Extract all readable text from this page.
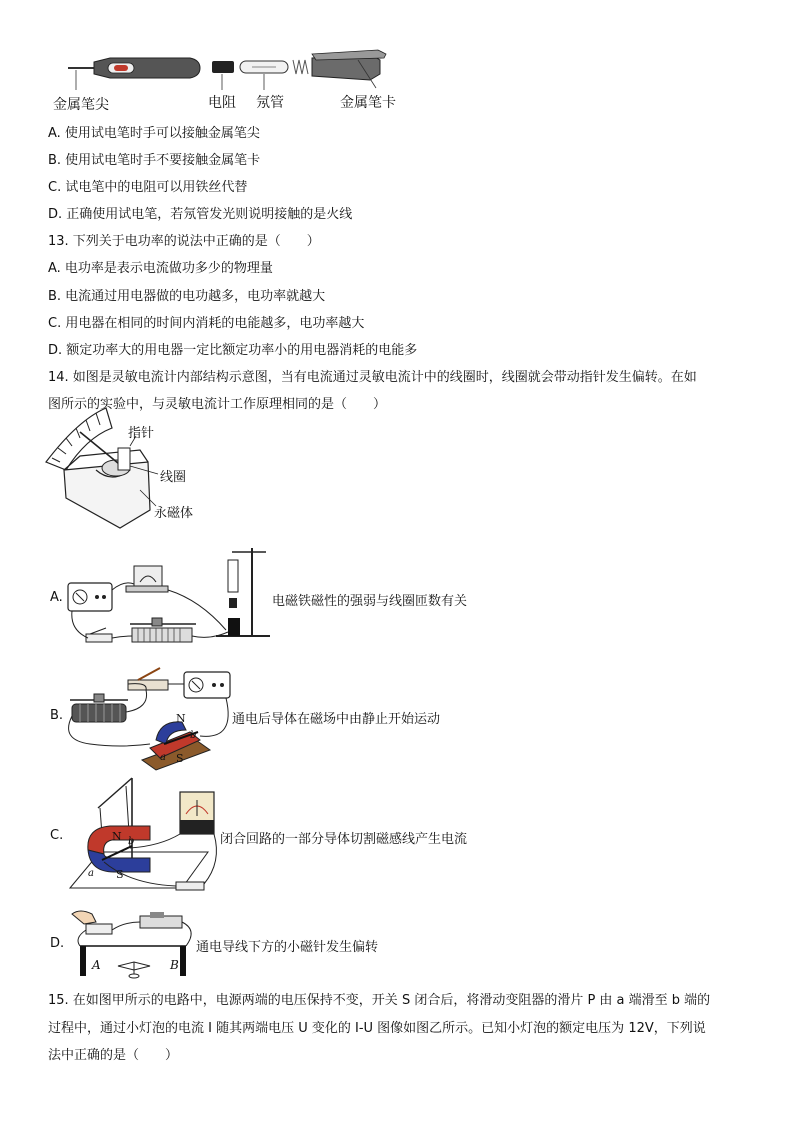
金属笔尖	电阻 氖管	金属笔卡
A. 使用试电笔时手可以接触金属笔尖
B. 使用试电笔时手不要接触金属笔卡
C. 试电笔中的电阻可以用铁丝代替
D. 正确使用试电笔，若氖管发光则说明接触的是火线
13. 下列关于电功率的说法中正确的是（　　）
A. 电功率是表示电流做功多少的物理量
B. 电流通过用电器做的电功越多，电功率就越大
C. 用电器在相同的时间内消耗的电能越多，电功率越大
D. 额定功率大的用电器一定比额定功率小的用电器消耗的电能多
14. 如图是灵敏电流计内部结构示意图，当有电流通过灵敏电流计中的线圈时，线圈就会带动指针发生偏转。在如
图所示的实验中，与灵敏电流计工作原理相同的是（　　）
指针
线圈
永磁体
A.	电磁铁磁性的强弱与线圈匝数有关
B.	N
S
b
a
通电后导体在磁场中由静止开始运动
C.	N
S
b
a
闭合回路的一部分导体切割磁感线产生电流
D.
A	B
通电导线下方的小磁针发生偏转
15. 在如图甲所示的电路中，电源两端的电压保持不变，开关 S 闭合后，将滑动变阻器的滑片 P 由 a 端滑至 b 端的
过程中，通过小灯泡的电流 I 随其两端电压 U 变化的 I-U 图像如图乙所示。已知小灯泡的额定电压为 12V，下列说
法中正确的是（　　）
